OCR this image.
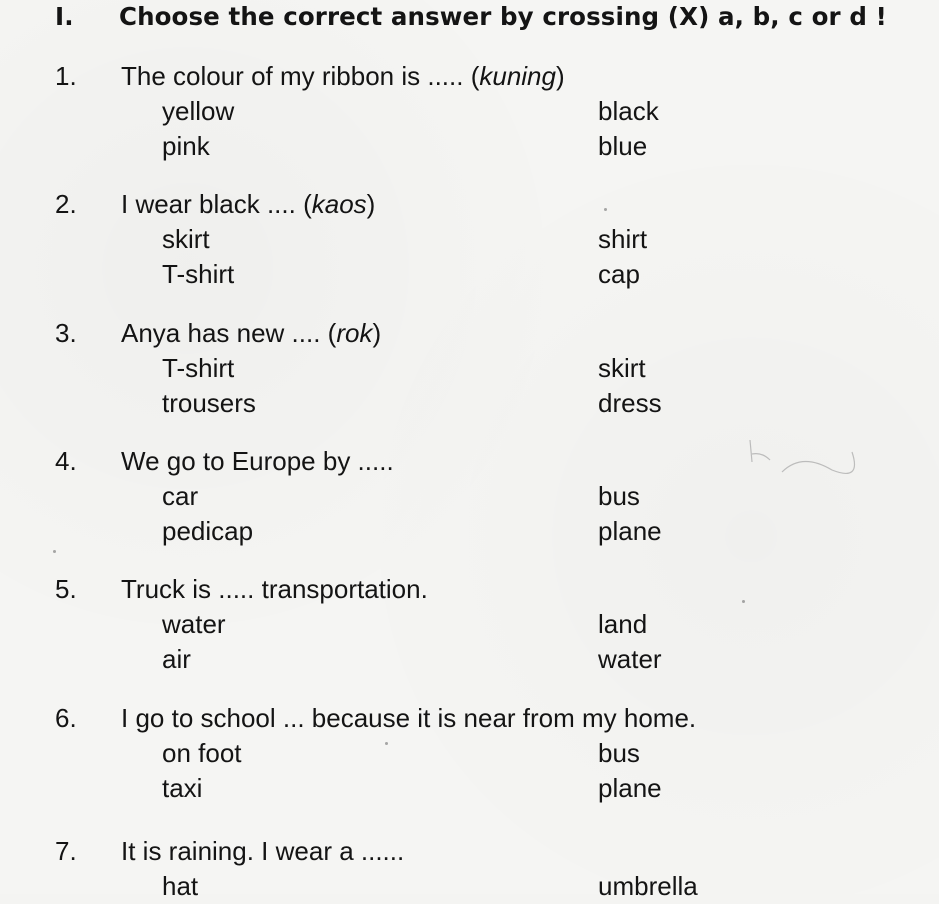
I. Choose the correct answer by crossing (X) a, b, c or d !
1. The colour of my ribbon is ..... (kuning)
yellow	black
pink	blue
2. I wear black .... (kaos)
skirt	shirt
T-shirt	cap
3. Anya has new .... (rok)
T-shirt	skirt
trousers	dress
4. We go to Europe by .....
car	bus
pedicap	plane
5. Truck is ..... transportation.
water	land
air	water
6. I go to school ... because it is near from my home.
on foot	bus
taxi	plane
7. It is raining. I wear a ......
hat	umbrella
